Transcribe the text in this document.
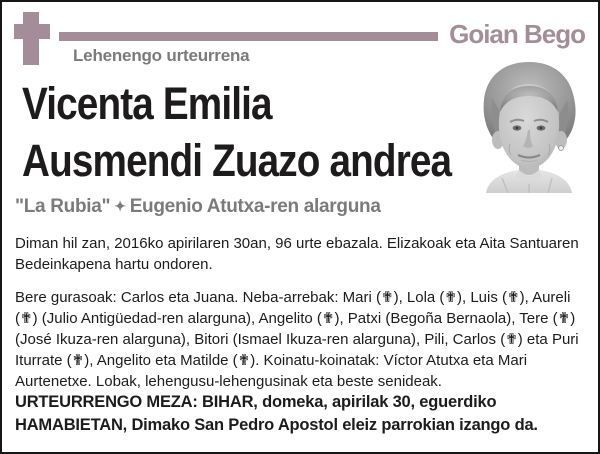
Goian Bego
Lehenengo urteurrena
Vicenta Emilia
Ausmendi Zuazo andrea
"La Rubia" ✦ Eugenio Atutxa-ren alarguna

Diman hil zan, 2016ko apirilaren 30an, 96 urte ebazala. Elizakoak eta Aita Santuaren Bedeinkapena hartu ondoren.

Bere gurasoak: Carlos eta Juana. Neba-arrebak: Mari (✟), Lola (✟), Luis (✟), Aureli (✟) (Julio Antigüedad-ren alarguna), Angelito (✟), Patxi (Begoña Bernaola), Tere (✟) (José Ikuza-ren alarguna), Bitori (Ismael Ikuza-ren alarguna), Pili, Carlos (✟) eta Puri Iturrate (✟), Angelito eta Matilde (✟). Koinatu-koinatak: Víctor Atutxa eta Mari Aurtenetxe. Lobak, lehengusu-lehengusinak eta beste senideak.

URTEURRENGO MEZA: BIHAR, domeka, apirilak 30, eguerdiko HAMABIETAN, Dimako San Pedro Apostol eleiz parrokian izango da.
